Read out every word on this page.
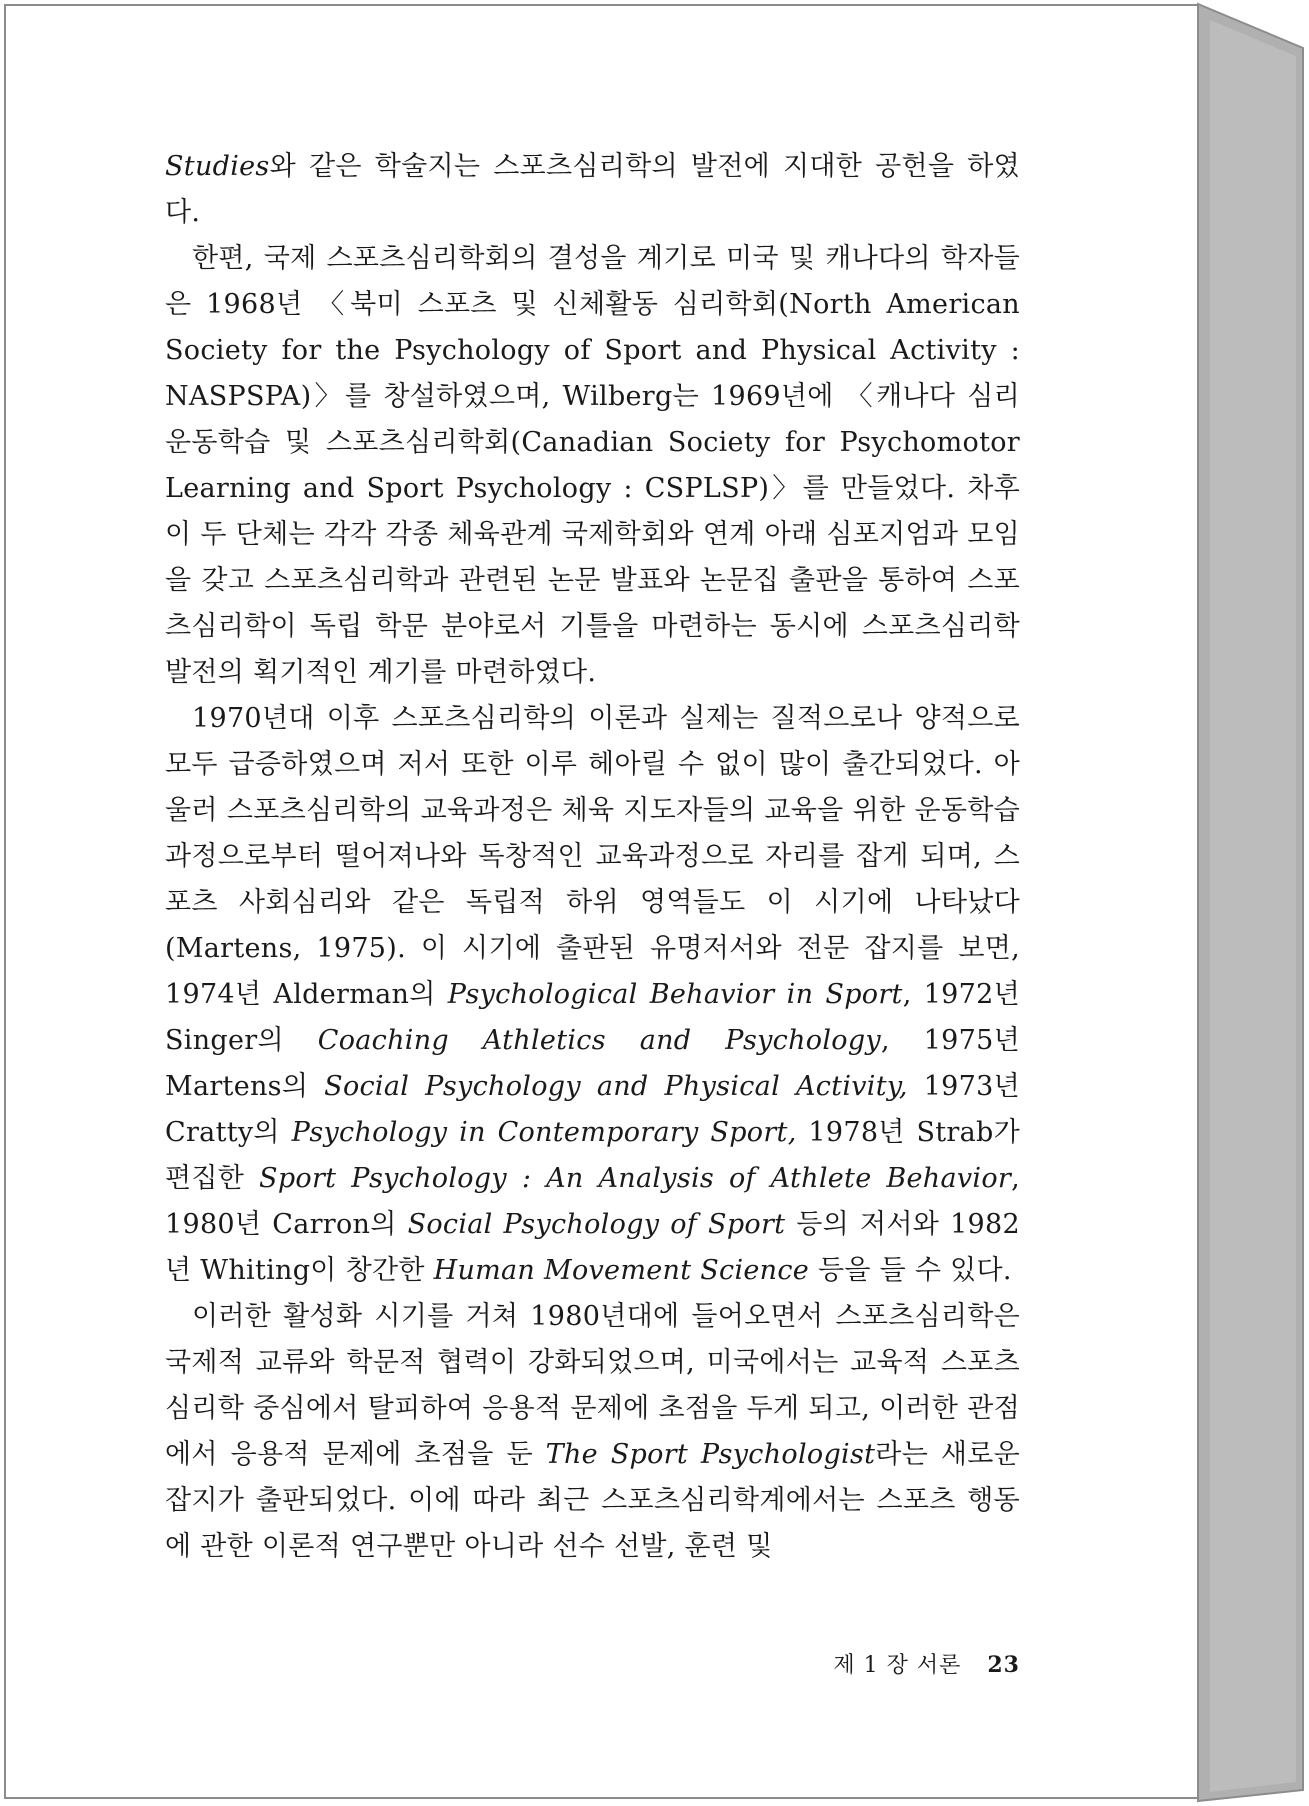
Studies와 같은 학술지는 스포츠심리학의 발전에 지대한 공헌을 하였다.

한편, 국제 스포츠심리학회의 결성을 계기로 미국 및 캐나다의 학자들은 1968년 〈북미 스포츠 및 신체활동 심리학회(North American Society for the Psychology of Sport and Physical Activity : NASPSPA)〉를 창설하였으며, Wilberg는 1969년에 〈캐나다 심리운동학습 및 스포츠심리학회(Canadian Society for Psychomotor Learning and Sport Psychology : CSPLSP)〉를 만들었다. 차후 이 두 단체는 각각 각종 체육관계 국제학회와 연계 아래 심포지엄과 모임을 갖고 스포츠심리학과 관련된 논문 발표와 논문집 출판을 통하여 스포츠심리학이 독립 학문 분야로서 기틀을 마련하는 동시에 스포츠심리학 발전의 획기적인 계기를 마련하였다.

1970년대 이후 스포츠심리학의 이론과 실제는 질적으로나 양적으로 모두 급증하였으며 저서 또한 이루 헤아릴 수 없이 많이 출간되었다. 아울러 스포츠심리학의 교육과정은 체육 지도자들의 교육을 위한 운동학습 과정으로부터 떨어져나와 독창적인 교육과정으로 자리를 잡게 되며, 스포츠 사회심리와 같은 독립적 하위 영역들도 이 시기에 나타났다(Martens, 1975). 이 시기에 출판된 유명저서와 전문 잡지를 보면, 1974년 Alderman의 Psychological Behavior in Sport, 1972년 Singer의 Coaching Athletics and Psychology, 1975년 Martens의 Social Psychology and Physical Activity, 1973년 Cratty의 Psychology in Contemporary Sport, 1978년 Strab가 편집한 Sport Psychology : An Analysis of Athlete Behavior, 1980년 Carron의 Social Psychology of Sport 등의 저서와 1982년 Whiting이 창간한 Human Movement Science 등을 들 수 있다.

이러한 활성화 시기를 거쳐 1980년대에 들어오면서 스포츠심리학은 국제적 교류와 학문적 협력이 강화되었으며, 미국에서는 교육적 스포츠심리학 중심에서 탈피하여 응용적 문제에 초점을 두게 되고, 이러한 관점에서 응용적 문제에 초점을 둔 The Sport Psychologist라는 새로운 잡지가 출판되었다. 이에 따라 최근 스포츠심리학계에서는 스포츠 행동에 관한 이론적 연구뿐만 아니라 선수 선발, 훈련 및

제 1 장 서론 23
